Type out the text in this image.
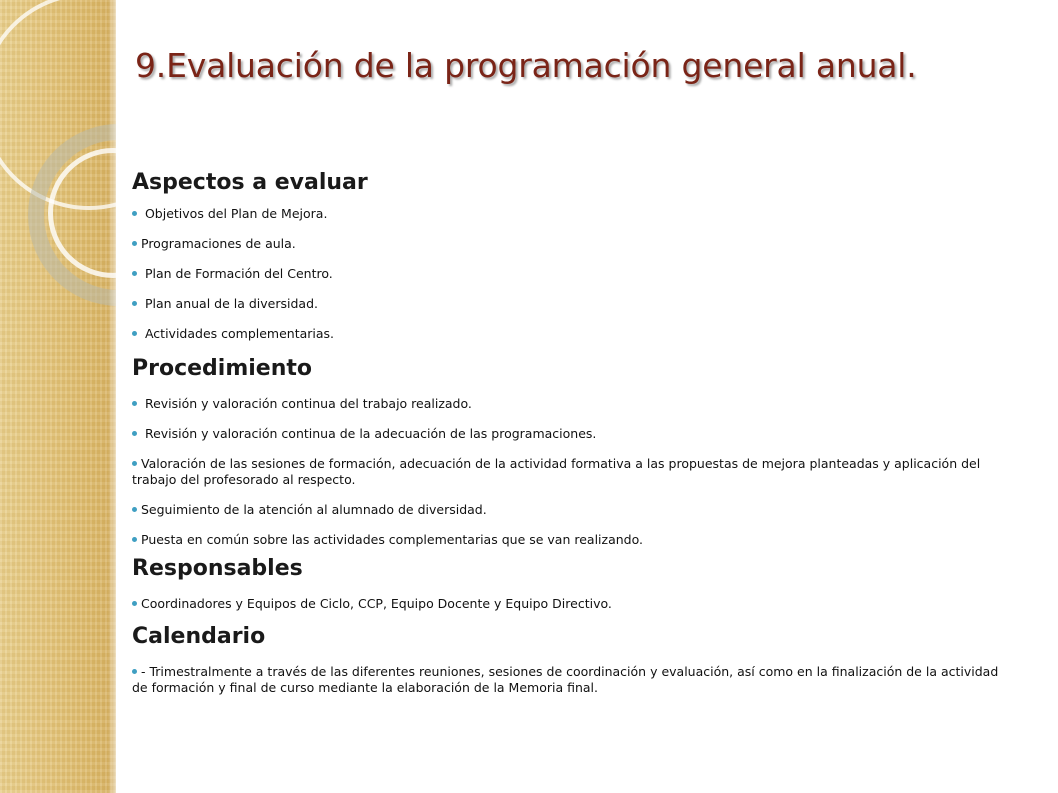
9.Evaluación de la programación general anual.
Aspectos a evaluar
Objetivos del Plan de Mejora.
Programaciones de aula.
Plan de Formación del Centro.
Plan anual de la diversidad.
Actividades complementarias.
Procedimiento
Revisión y valoración continua del trabajo realizado.
Revisión y valoración continua de la adecuación de las programaciones.
Valoración de las sesiones de formación, adecuación de la actividad formativa a las propuestas de mejora planteadas y aplicación del trabajo del profesorado al respecto.
Seguimiento de la atención al alumnado de diversidad.
Puesta en común sobre las actividades complementarias que se van realizando.
Responsables
Coordinadores y Equipos de Ciclo, CCP, Equipo Docente y Equipo Directivo.
Calendario
- Trimestralmente a través de las diferentes reuniones, sesiones de coordinación y evaluación, así como en la finalización de la actividad de formación y final de curso mediante la elaboración de la Memoria final.
